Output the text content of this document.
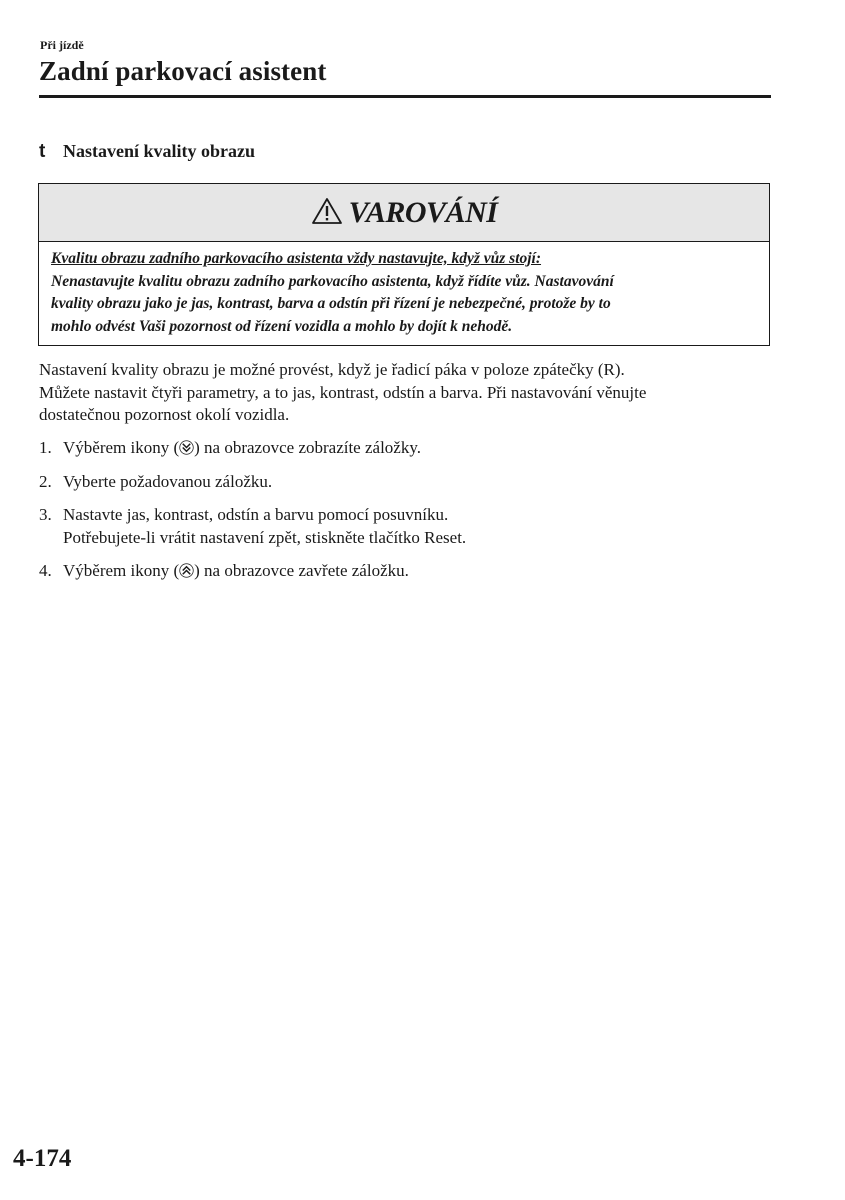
Při jízdě
Zadní parkovací asistent
t Nastavení kvality obrazu
VAROVÁNÍ
Kvalitu obrazu zadního parkovacího asistenta vždy nastavujte, když vůz stojí:
Nenastavujte kvalitu obrazu zadního parkovacího asistenta, když řídíte vůz. Nastavování
kvality obrazu jako je jas, kontrast, barva a odstín při řízení je nebezpečné, protože by to
mohlo odvést Vaši pozornost od řízení vozidla a mohlo by dojít k nehodě.
Nastavení kvality obrazu je možné provést, když je řadicí páka v poloze zpátečky (R).
Můžete nastavit čtyři parametry, a to jas, kontrast, odstín a barva. Při nastavování věnujte
dostatečnou pozornost okolí vozidla.
1. Výběrem ikony ( ) na obrazovce zobrazíte záložky.
2. Vyberte požadovanou záložku.
3. Nastavte jas, kontrast, odstín a barvu pomocí posuvníku.
Potřebujete-li vrátit nastavení zpět, stiskněte tlačítko Reset.
4. Výběrem ikony ( ) na obrazovce zavřete záložku.
4-174
